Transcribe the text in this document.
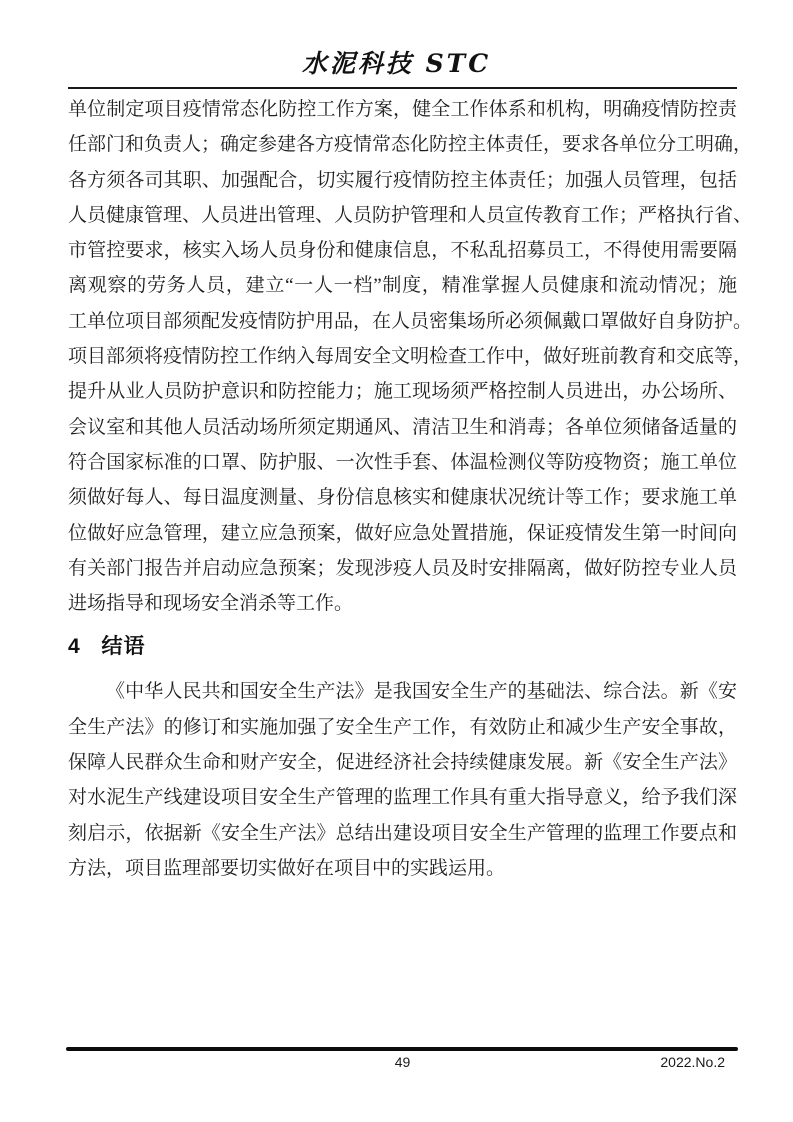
水泥科技 STC
单位制定项目疫情常态化防控工作方案，健全工作体系和机构，明确疫情防控责
任部门和负责人；确定参建各方疫情常态化防控主体责任，要求各单位分工明确，
各方须各司其职、加强配合，切实履行疫情防控主体责任；加强人员管理，包括
人员健康管理、人员进出管理、人员防护管理和人员宣传教育工作；严格执行省、
市管控要求，核实入场人员身份和健康信息，不私乱招募员工，不得使用需要隔
离观察的劳务人员，建立“一人一档”制度，精准掌握人员健康和流动情况；施
工单位项目部须配发疫情防护用品，在人员密集场所必须佩戴口罩做好自身防护。
项目部须将疫情防控工作纳入每周安全文明检查工作中，做好班前教育和交底等，
提升从业人员防护意识和防控能力；施工现场须严格控制人员进出，办公场所、
会议室和其他人员活动场所须定期通风、清洁卫生和消毒；各单位须储备适量的
符合国家标准的口罩、防护服、一次性手套、体温检测仪等防疫物资；施工单位
须做好每人、每日温度测量、身份信息核实和健康状况统计等工作；要求施工单
位做好应急管理，建立应急预案，做好应急处置措施，保证疫情发生第一时间向
有关部门报告并启动应急预案；发现涉疫人员及时安排隔离，做好防控专业人员
进场指导和现场安全消杀等工作。
4 结语
《中华人民共和国安全生产法》是我国安全生产的基础法、综合法。新《安
全生产法》的修订和实施加强了安全生产工作，有效防止和减少生产安全事故，
保障人民群众生命和财产安全，促进经济社会持续健康发展。新《安全生产法》
对水泥生产线建设项目安全生产管理的监理工作具有重大指导意义，给予我们深
刻启示，依据新《安全生产法》总结出建设项目安全生产管理的监理工作要点和
方法，项目监理部要切实做好在项目中的实践运用。
49	2022.No.2
